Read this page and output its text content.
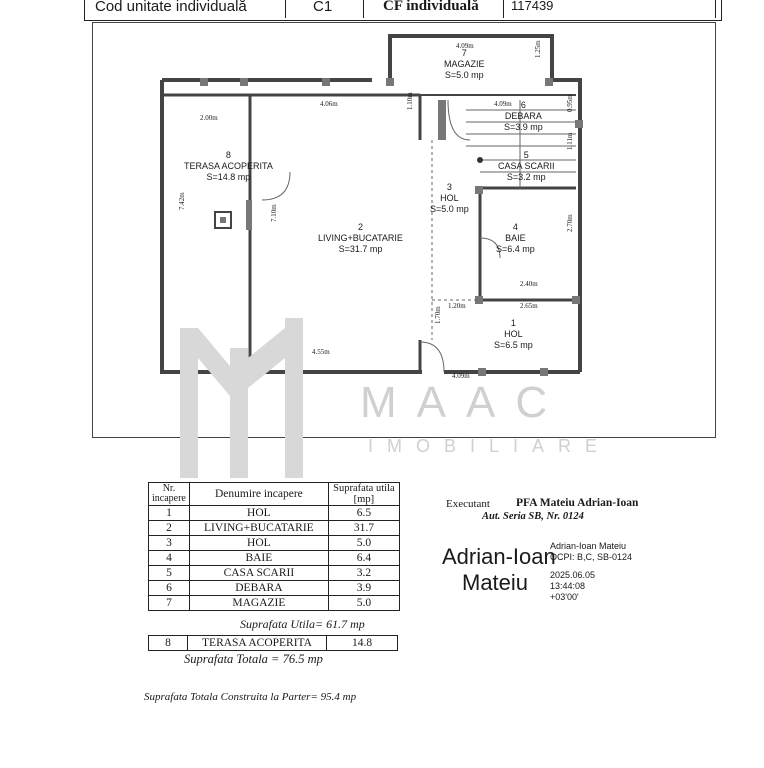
Cod unitate individuală	C1	CF individuală 117439
MAAC
IMOBILIARE
1
HOL
S=6.5 mp
2
LIVING+BUCATARIE
S=31.7 mp
3
HOL
S=5.0 mp
4
BAIE
S=6.4 mp
5
CASA SCARII
S=3.2 mp
6
DEBARA
S=3.9 mp
7
MAGAZIE
S=5.0 mp
8
TERASA ACOPERITA
S=14.8 mp
4.09m	1.25m
4.06m	4.09m	0.95m
1.10m
2.00m
7.42m
7.10m
1.11m
2.70m
2.40m
1.20m	2.65m
1.70m
4.55m
4.09m
Nr. incapere	Denumire incapere	Suprafata utila [mp]
1	HOL	6.5
2	LIVING+BUCATARIE	31.7
3	HOL	5.0
4	BAIE	6.4
5	CASA SCARII	3.2
6	DEBARA	3.9
7	MAGAZIE	5.0
Suprafata Utila= 61.7 mp
8	TERASA ACOPERITA	14.8
Suprafata Totala = 76.5 mp
Executant PFA Mateiu Adrian-Ioan
Aut. Seria SB, Nr. 0124
Adrian-Ioan
Mateiu
Adrian-Ioan Mateiu
OCPI: B,C, SB-0124
2025.06.05
13:44:08
+03'00'
Suprafata Totala Construita la Parter= 95.4 mp
